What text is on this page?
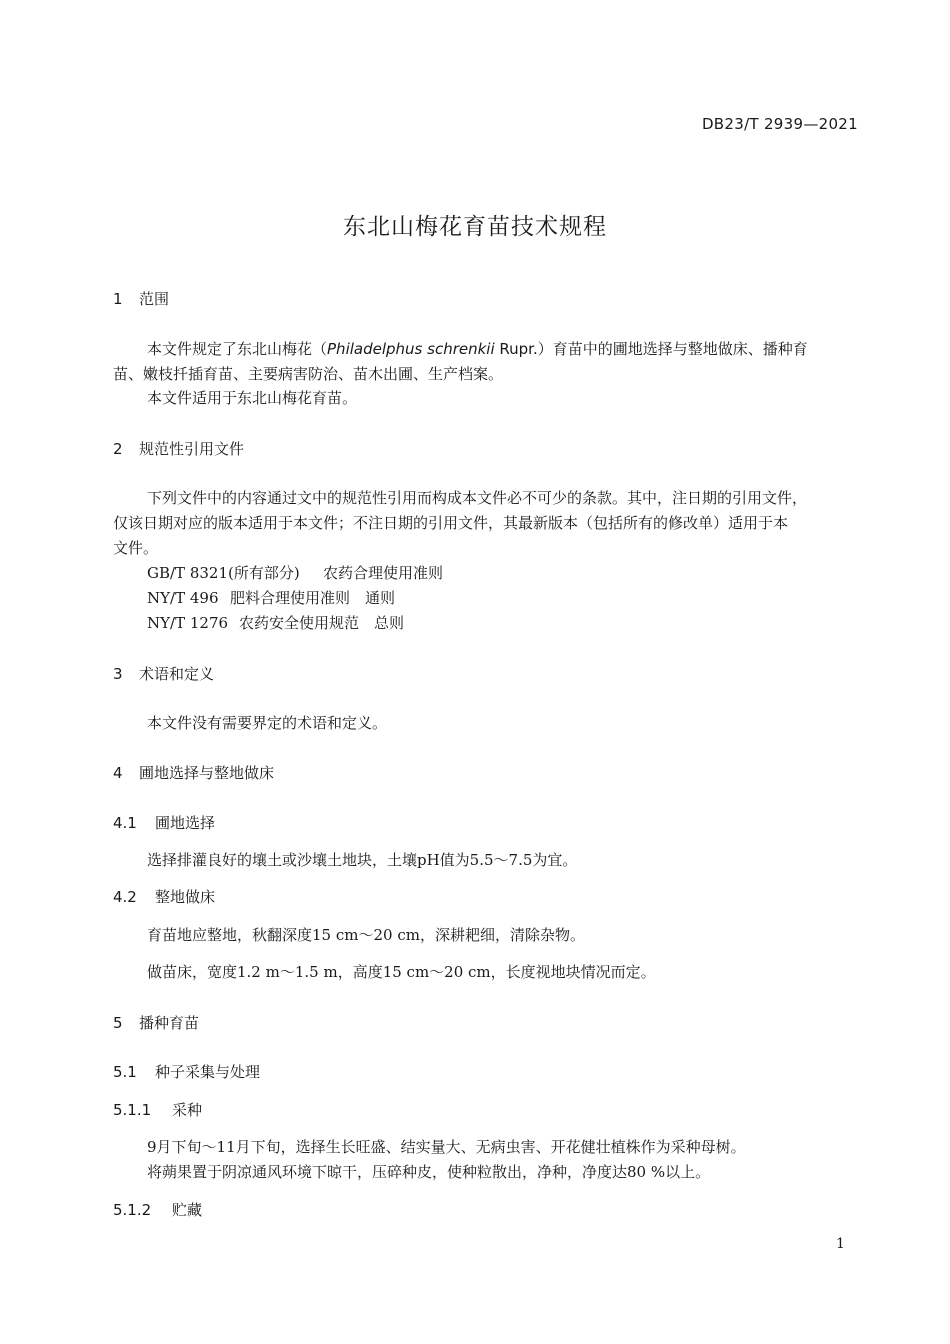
DB23/T 2939—2021
东北山梅花育苗技术规程
1 范围
本文件规定了东北山梅花（Philadelphus schrenkii Rupr.）育苗中的圃地选择与整地做床、播种育
苗、嫩枝扦插育苗、主要病害防治、苗木出圃、生产档案。
本文件适用于东北山梅花育苗。
2 规范性引用文件
下列文件中的内容通过文中的规范性引用而构成本文件必不可少的条款。其中，注日期的引用文件，
仅该日期对应的版本适用于本文件；不注日期的引用文件，其最新版本（包括所有的修改单）适用于本
文件。
GB/T 8321(所有部分) 农药合理使用准则
NY/T 496 肥料合理使用准则　通则
NY/T 1276 农药安全使用规范　总则
3 术语和定义
本文件没有需要界定的术语和定义。
4 圃地选择与整地做床
4.1 圃地选择
选择排灌良好的壤土或沙壤土地块，土壤pH值为5.5～7.5为宜。
4.2 整地做床
育苗地应整地，秋翻深度15 cm～20 cm，深耕耙细，清除杂物。
做苗床，宽度1.2 m～1.5 m，高度15 cm～20 cm，长度视地块情况而定。
5 播种育苗
5.1 种子采集与处理
5.1.1 采种
9月下旬～11月下旬，选择生长旺盛、结实量大、无病虫害、开花健壮植株作为采种母树。
将蒴果置于阴凉通风环境下晾干，压碎种皮，使种粒散出，净种，净度达80 %以上。
5.1.2 贮藏
1
